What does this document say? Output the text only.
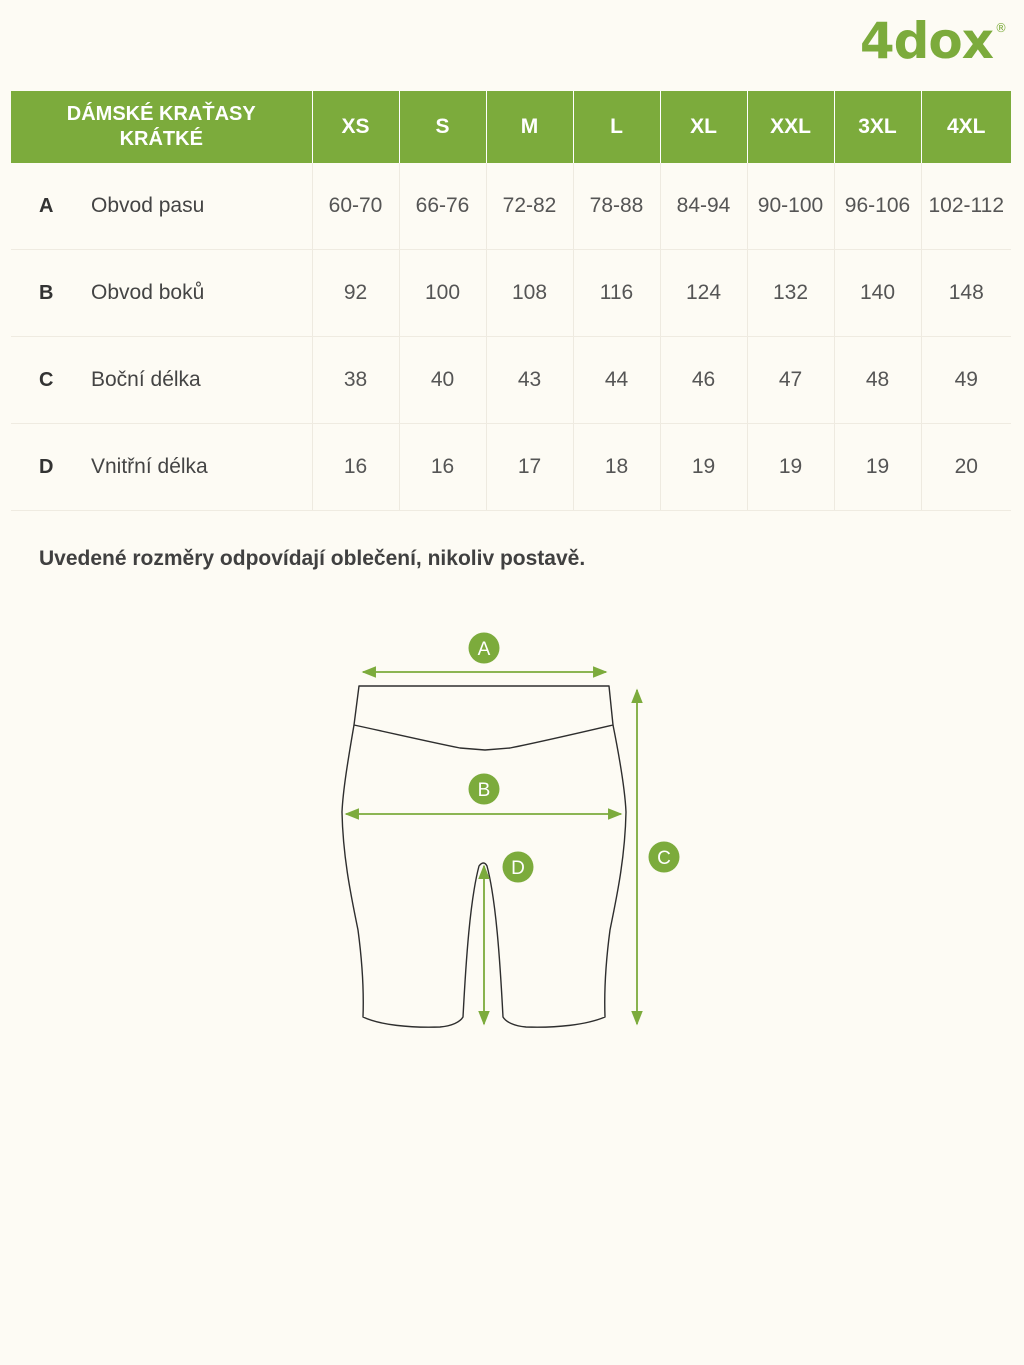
4dox ®
DÁMSKÉ KRAŤASY
KRÁTKÉ	XS	S	M	L	XL	XXL	3XL	4XL
A Obvod pasu	60-70	66-76	72-82	78-88	84-94	90-100	96-106	102-112
B Obvod boků	92	100	108	116	124	132	140	148
C Boční délka	38	40	43	44	46	47	48	49
D Vnitřní délka	16	16	17	18	19	19	19	20
Uvedené rozměry odpovídají oblečení, nikoliv postavě.
A
B
C
D
